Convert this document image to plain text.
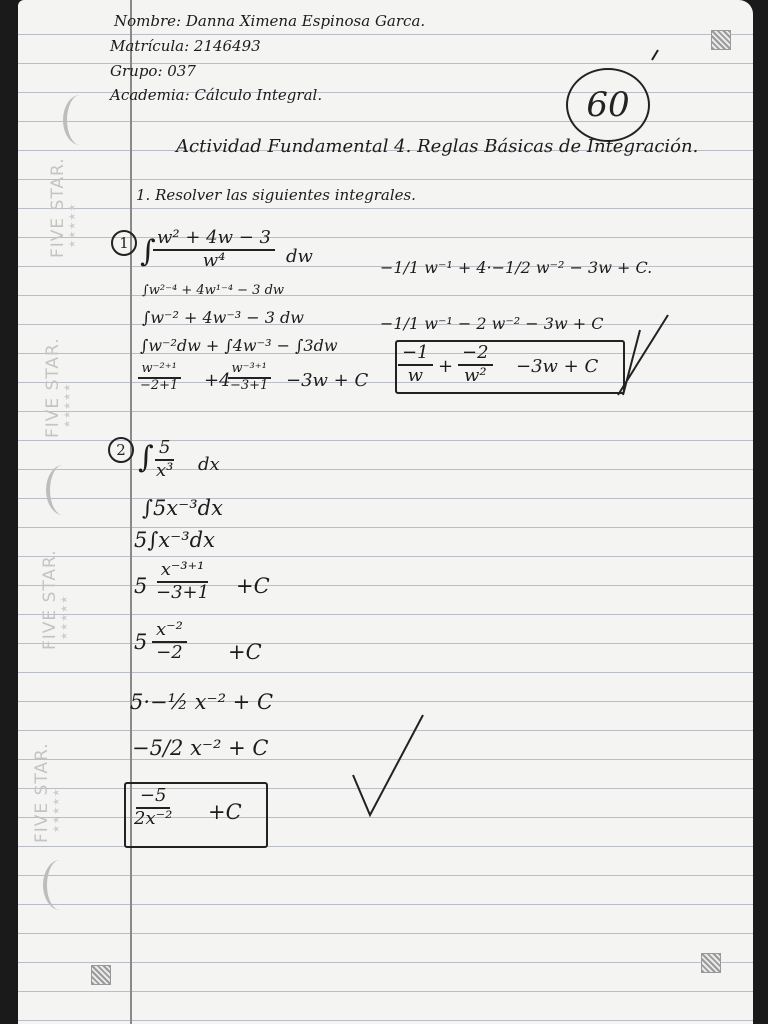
FIVE STAR. ★★★★★
FIVE STAR. ★★★★★
FIVE STAR. ★★★★★
FIVE STAR. ★★★★★
Nombre: Danna Ximena Espinosa Garca.
Matrícula: 2146493
Grupo: 037
Academia: Cálculo Integral.	60
Actividad Fundamental 4. Reglas Básicas de Integración.
1. Resolver las siguientes integrales.
1 ∫
$\frac{\text{w² + 4w − 3}}{\text{w⁴}}$ dw
∫w²⁻⁴ + 4w¹⁻⁴ − 3 dw
∫w⁻² + 4w⁻³ − 3 dw
∫w⁻²dw + ∫4w⁻³ − ∫3dw
$\frac{\text{w⁻²⁺¹}}{-2+1} +4$
$\frac{\text{w⁻³⁺¹}}{-3+1} -3w + C$
−1/1 w⁻¹ + 4·−1/2 w⁻² − 3w + C.
−1/1 w⁻¹ − 2 w⁻² − 3w + C
$\frac{-1}{w} + \frac{-2}{\text{w²}} -3w + C$
2 ∫
$\frac{5}{\text{x³}}$ dx
∫5x⁻³dx
5∫x⁻³dx
$5 \frac{\text{x⁻³⁺¹}}{-3+1} +C$
$5 \frac{\text{x⁻²}}{-2} +C$
5·−½ x⁻² + C
−5/2 x⁻² + C
$\frac{-5}{\text{2x⁻²}} +C$
